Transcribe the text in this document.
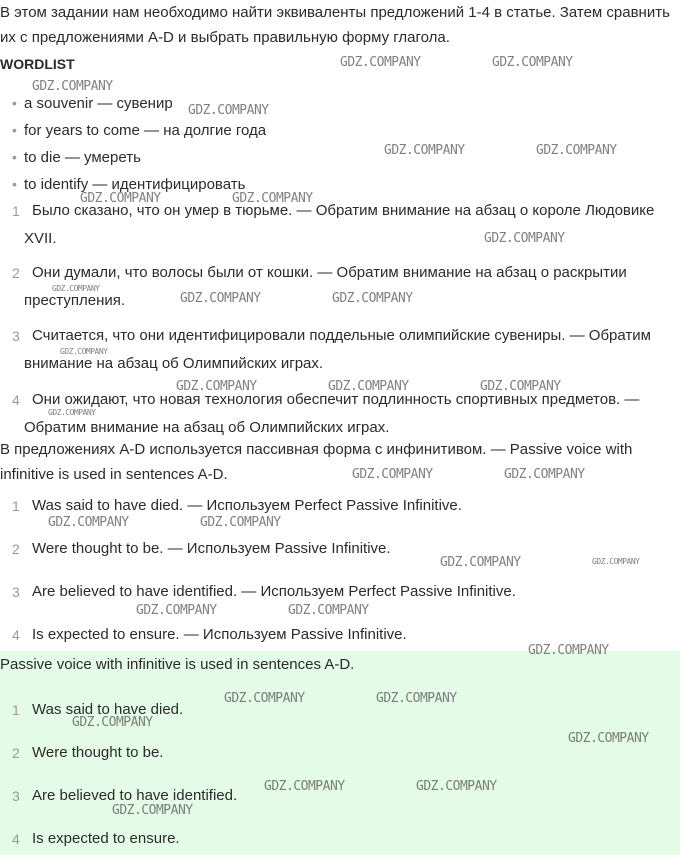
В этом задании нам необходимо найти эквиваленты предложений 1-4 в статье. Затем сравнить их с предложениями A-D и выбрать правильную форму глагола.

WORDLIST
• a souvenir — сувенир
• for years to come — на долгие года
• to die — умереть
• to identify — идентифицировать
1 Было сказано, что он умер в тюрьме. — Обратим внимание на абзац о короле Людовике XVII.
2 Они думали, что волосы были от кошки. — Обратим внимание на абзац о раскрытии преступления.
3 Считается, что они идентифицировали поддельные олимпийские сувениры. — Обратим внимание на абзац об Олимпийских играх.
4 Они ожидают, что новая технология обеспечит подлинность спортивных предметов. — Обратим внимание на абзац об Олимпийских играх.

В предложениях A-D используется пассивная форма с инфинитивом. — Passive voice with infinitive is used in sentences A-D.

1 Was said to have died. — Используем Perfect Passive Infinitive.
2 Were thought to be. — Используем Passive Infinitive.
3 Are believed to have identified. — Используем Perfect Passive Infinitive.
4 Is expected to ensure. — Используем Passive Infinitive.

Passive voice with infinitive is used in sentences A-D.

1 Was said to have died.
2 Were thought to be.
3 Are believed to have identified.
4 Is expected to ensure.
GDZ.COMPANY	GDZ.COMPANY
GDZ.COMPANY
GDZ.COMPANY
GDZ.COMPANY	GDZ.COMPANY
GDZ.COMPANY	GDZ.COMPANY
GDZ.COMPANY
GDZ.COMPANY
GDZ.COMPANY	GDZ.COMPANY
GDZ.COMPANY
GDZ.COMPANY	GDZ.COMPANY	GDZ.COMPANY
GDZ.COMPANY
GDZ.COMPANY	GDZ.COMPANY
GDZ.COMPANY	GDZ.COMPANY
GDZ.COMPANY	GDZ.COMPANY
GDZ.COMPANY	GDZ.COMPANY
GDZ.COMPANY
GDZ.COMPANY	GDZ.COMPANY
GDZ.COMPANY
GDZ.COMPANY
GDZ.COMPANY	GDZ.COMPANY
GDZ.COMPANY
